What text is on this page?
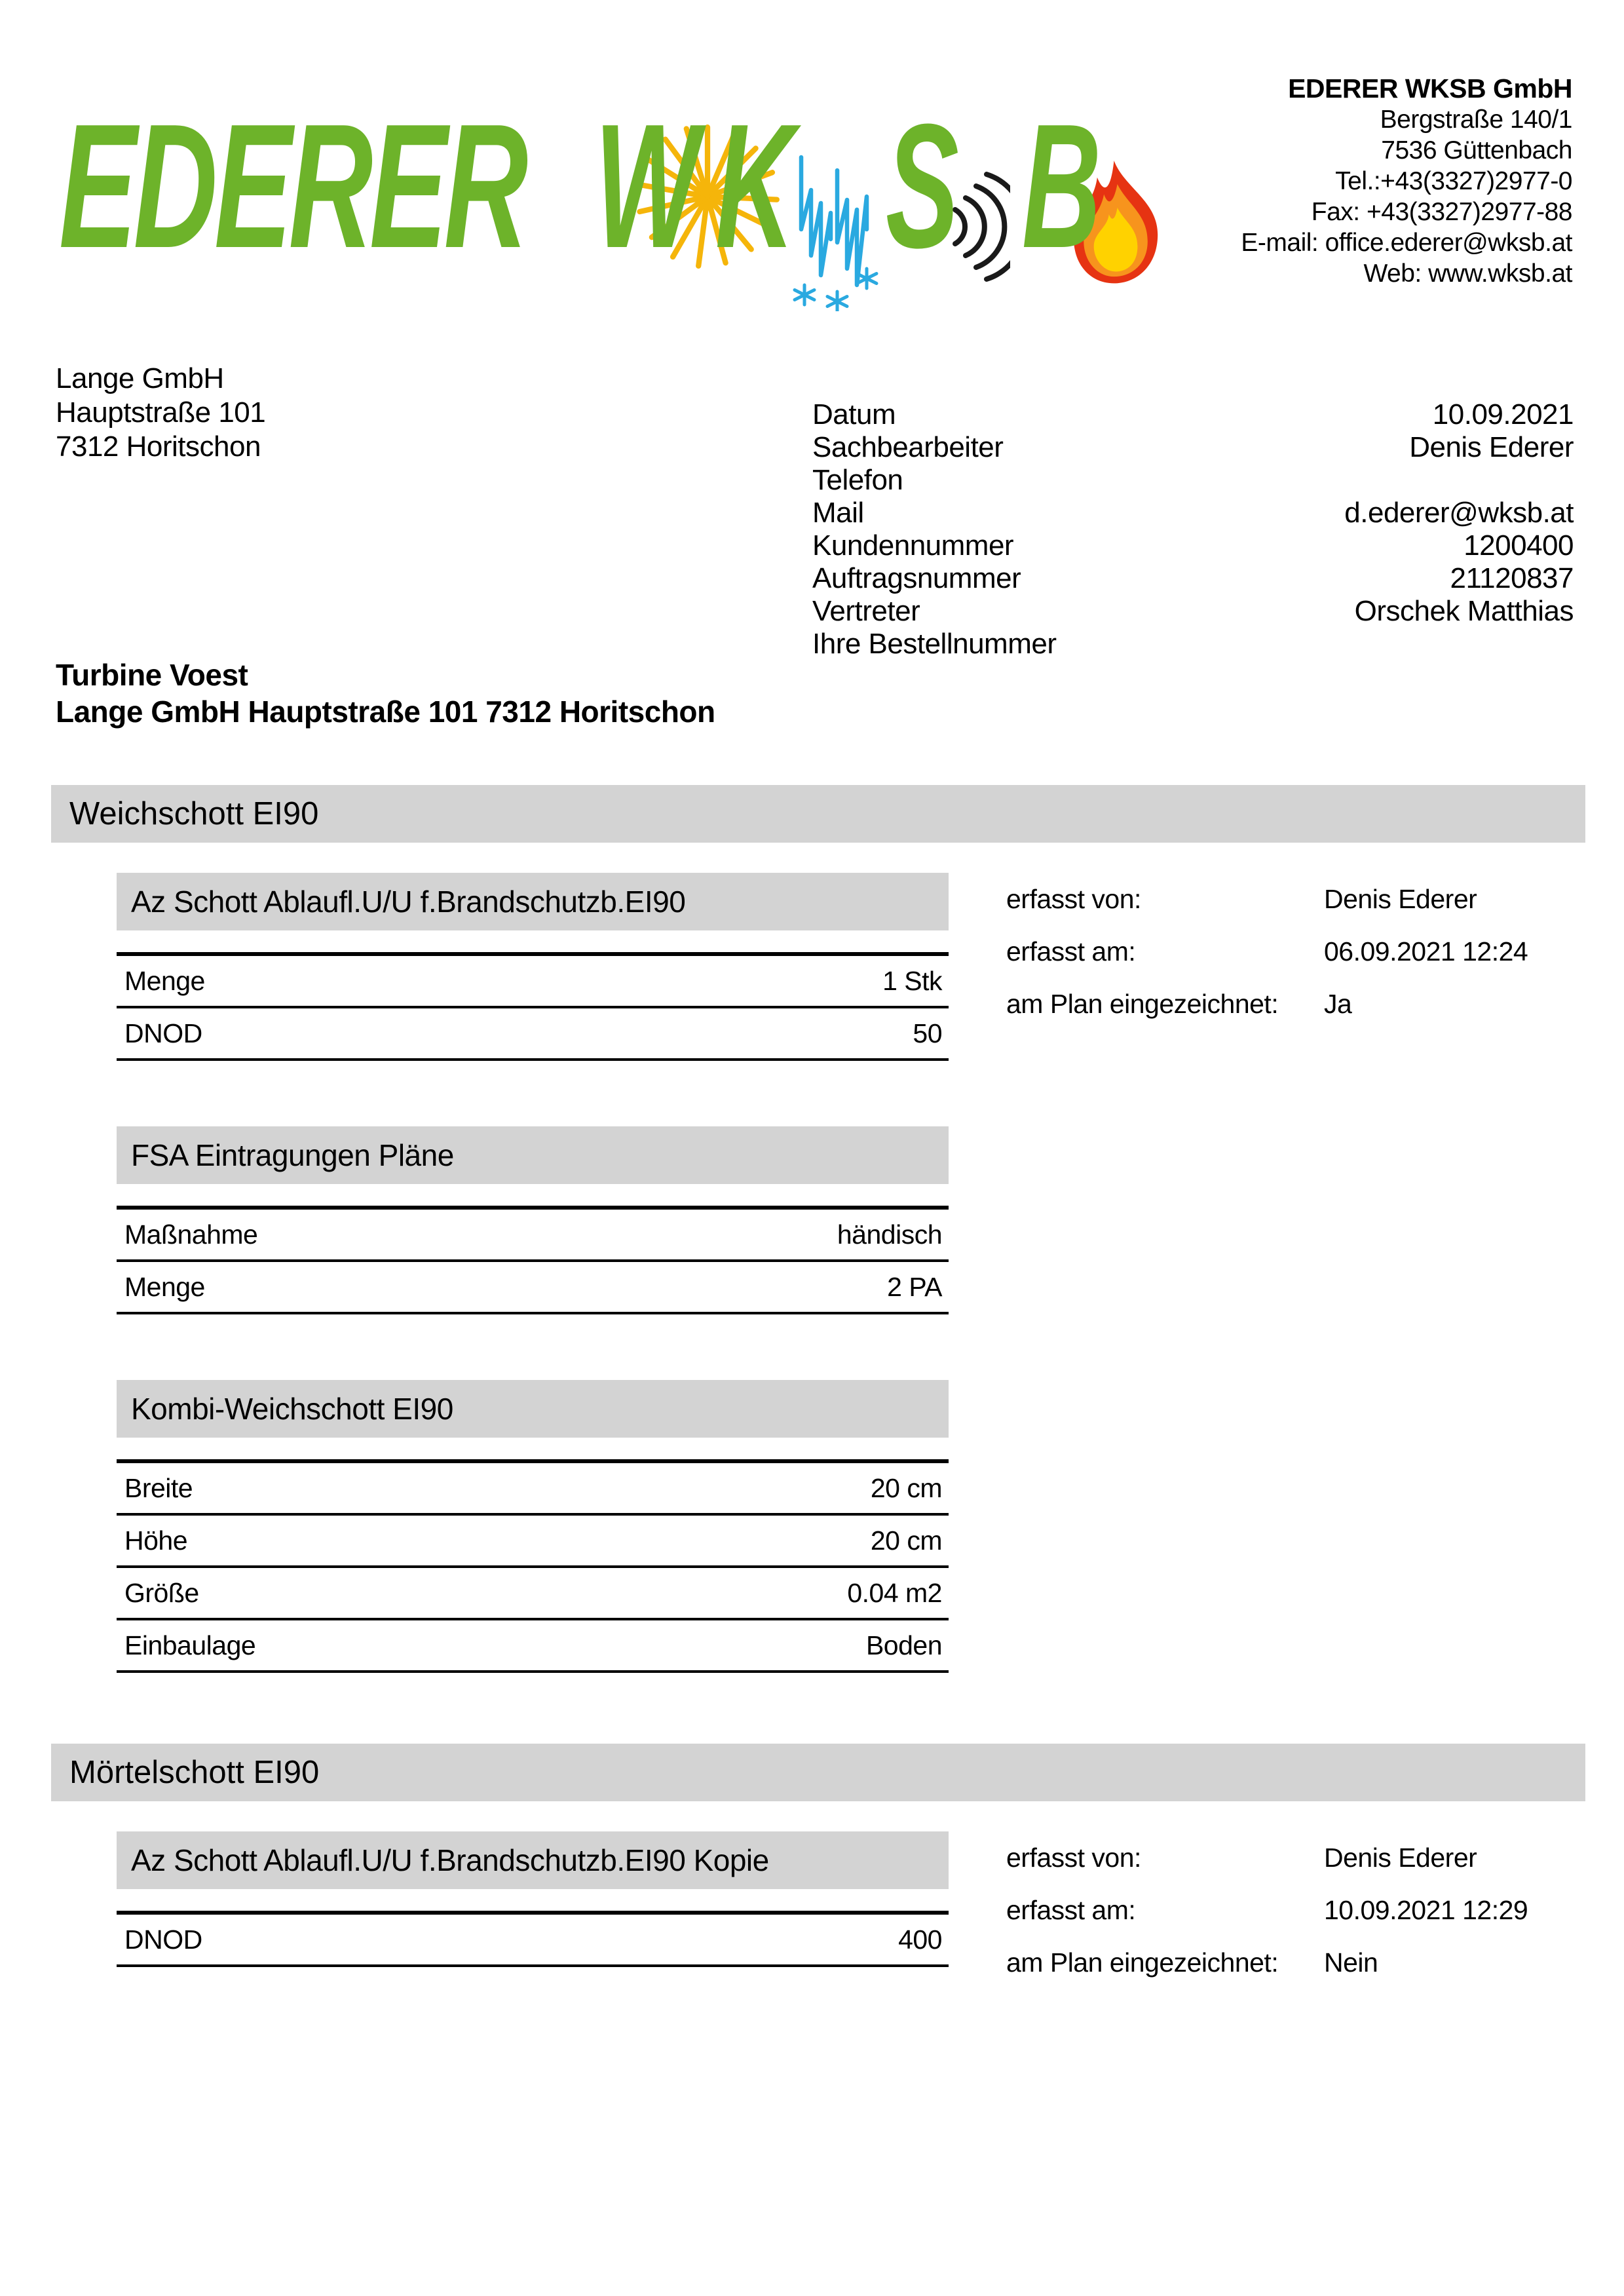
EDERER WKSB GmbH
Bergstraße 140/1
7536 Güttenbach
Tel.:+43(3327)2977-0
Fax: +43(3327)2977-88
E-mail: office.ederer@wksb.at
Web: www.wksb.at
EDERER W K S B
Lange GmbH
Hauptstraße 101
7312 Horitschon
Datum	10.09.2021
Sachbearbeiter	Denis Ederer
Telefon
Mail	d.ederer@wksb.at
Kundennummer	1200400
Auftragsnummer	21120837
Vertreter	Orschek Matthias
Ihre Bestellnummer
Turbine Voest
Lange GmbH Hauptstraße 101 7312 Horitschon
Weichschott EI90
Az Schott Ablaufl.U/U f.Brandschutzb.EI90
Menge	1 Stk
DNOD	50
erfasst von:	Denis Ederer
erfasst am:	06.09.2021 12:24
am Plan eingezeichnet:	Ja
FSA Eintragungen Pläne
Maßnahme	händisch
Menge	2 PA
Kombi-Weichschott EI90
Breite	20 cm
Höhe	20 cm
Größe	0.04 m2
Einbaulage	Boden
Mörtelschott EI90
Az Schott Ablaufl.U/U f.Brandschutzb.EI90 Kopie
DNOD	400
erfasst von:	Denis Ederer
erfasst am:	10.09.2021 12:29
am Plan eingezeichnet:	Nein
